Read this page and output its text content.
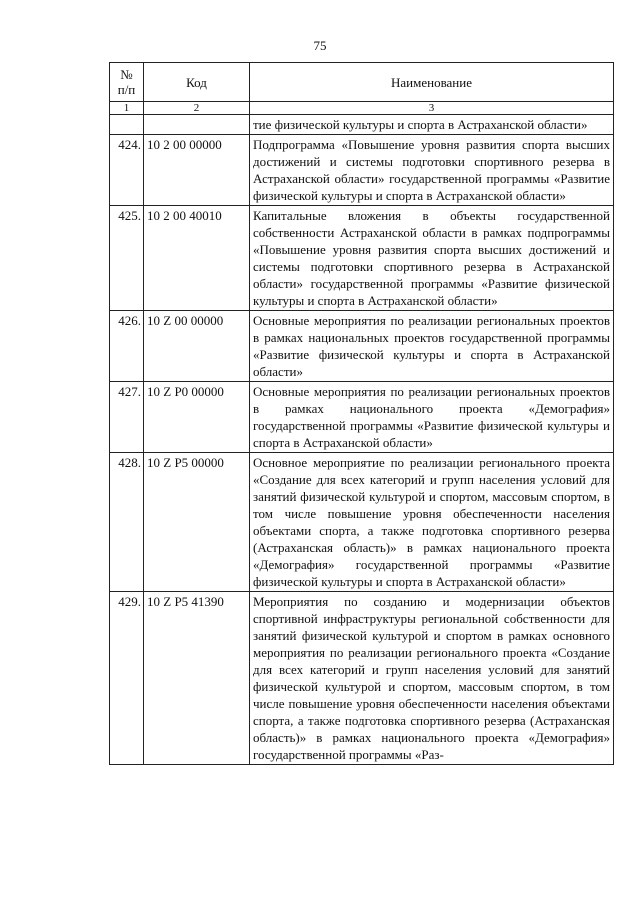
75
№
п/п	Код	Наименование
1	2	3
		тие физической культуры и спорта в Астраханской области»
424.	10 2 00 00000	Подпрограмма «Повышение уровня развития спорта высших достижений и системы подготовки спортивного резерва в Астраханской области» государственной программы «Развитие физической культуры и спорта в Астраханской области»
425.	10 2 00 40010	Капитальные вложения в объекты государственной собственности Астраханской области в рамках подпрограммы «Повышение уровня развития спорта высших достижений и системы подготовки спортивного резерва в Астраханской области» государственной программы «Развитие физической культуры и спорта в Астраханской области»
426.	10 Z 00 00000	Основные мероприятия по реализации региональных проектов в рамках национальных проектов государственной программы «Развитие физической культуры и спорта в Астраханской области»
427.	10 Z P0 00000	Основные мероприятия по реализации региональных проектов в рамках национального проекта «Демография» государственной программы «Развитие физической культуры и спорта в Астраханской области»
428.	10 Z P5 00000	Основное мероприятие по реализации регионального проекта «Создание для всех категорий и групп населения условий для занятий физической культурой и спортом, массовым спортом, в том числе повышение уровня обеспеченности населения объектами спорта, а также подготовка спортивного резерва (Астраханская область)» в рамках национального проекта «Демография» государственной программы «Развитие физической культуры и спорта в Астраханской области»
429.	10 Z P5 41390	Мероприятия по созданию и модернизации объектов спортивной инфраструктуры региональной собственности для занятий физической культурой и спортом в рамках основного мероприятия по реализации регионального проекта «Создание для всех категорий и групп населения условий для занятий физической культурой и спортом, массовым спортом, в том числе повышение уровня обеспеченности населения объектами спорта, а также подготовка спортивного резерва (Астраханская область)» в рамках национального проекта «Демография» государственной программы «Раз-
